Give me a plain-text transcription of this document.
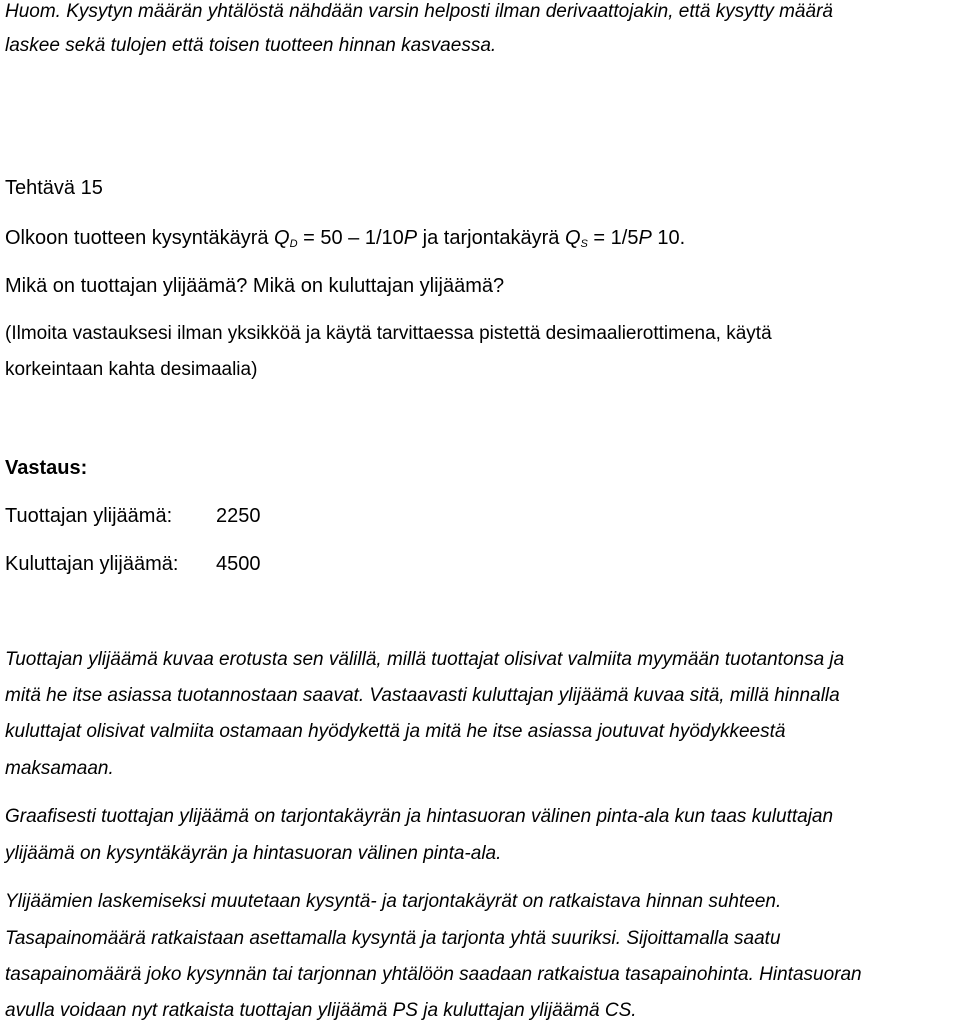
Huom. Kysytyn määrän yhtälöstä nähdään varsin helposti ilman derivaattojakin, että kysytty määrä
laskee sekä tulojen että toisen tuotteen hinnan kasvaessa.
Tehtävä 15
Olkoon tuotteen kysyntäkäyrä QD = 50 – 1/10P ja tarjontakäyrä QS = 1/5P 10.
Mikä on tuottajan ylijäämä? Mikä on kuluttajan ylijäämä?
(Ilmoita vastauksesi ilman yksikköä ja käytä tarvittaessa pistettä desimaalierottimena, käytä
korkeintaan kahta desimaalia)
Vastaus:
Tuottajan ylijäämä: 2250
Kuluttajan ylijäämä: 4500
Tuottajan ylijäämä kuvaa erotusta sen välillä, millä tuottajat olisivat valmiita myymään tuotantonsa ja
mitä he itse asiassa tuotannostaan saavat. Vastaavasti kuluttajan ylijäämä kuvaa sitä, millä hinnalla
kuluttajat olisivat valmiita ostamaan hyödykettä ja mitä he itse asiassa joutuvat hyödykkeestä
maksamaan.
Graafisesti tuottajan ylijäämä on tarjontakäyrän ja hintasuoran välinen pinta-ala kun taas kuluttajan
ylijäämä on kysyntäkäyrän ja hintasuoran välinen pinta-ala.
Ylijäämien laskemiseksi muutetaan kysyntä- ja tarjontakäyrät on ratkaistava hinnan suhteen.
Tasapainomäärä ratkaistaan asettamalla kysyntä ja tarjonta yhtä suuriksi. Sijoittamalla saatu
tasapainomäärä joko kysynnän tai tarjonnan yhtälöön saadaan ratkaistua tasapainohinta. Hintasuoran
avulla voidaan nyt ratkaista tuottajan ylijäämä PS ja kuluttajan ylijäämä CS.
